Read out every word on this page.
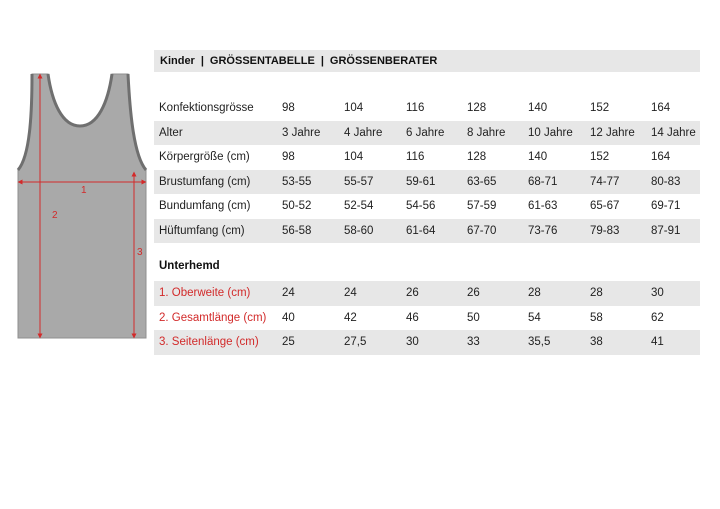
1
2
3
Kinder | GRÖSSENTABELLE | GRÖSSENBERATER
Konfektionsgrösse 98	104	116	128	140	152	164
Alter	3 Jahre 4 Jahre 6 Jahre 8 Jahre 10 Jahre 12 Jahre 14 Jahre
Körpergröße (cm)	98	104	116	128	140	152	164
Brustumfang (cm)	53-55	55-57	59-61	63-65	68-71	74-77	80-83
Bundumfang (cm)	50-52	52-54	54-56	57-59	61-63	65-67	69-71
Hüftumfang (cm)	56-58	58-60	61-64	67-70	73-76	79-83	87-91
Unterhemd
1. Oberweite (cm)	24	24	26	26	28	28	30
2. Gesamtlänge (cm) 40	42	46	50	54	58	62
3. Seitenlänge (cm) 25	27,5	30	33	35,5	38	41
